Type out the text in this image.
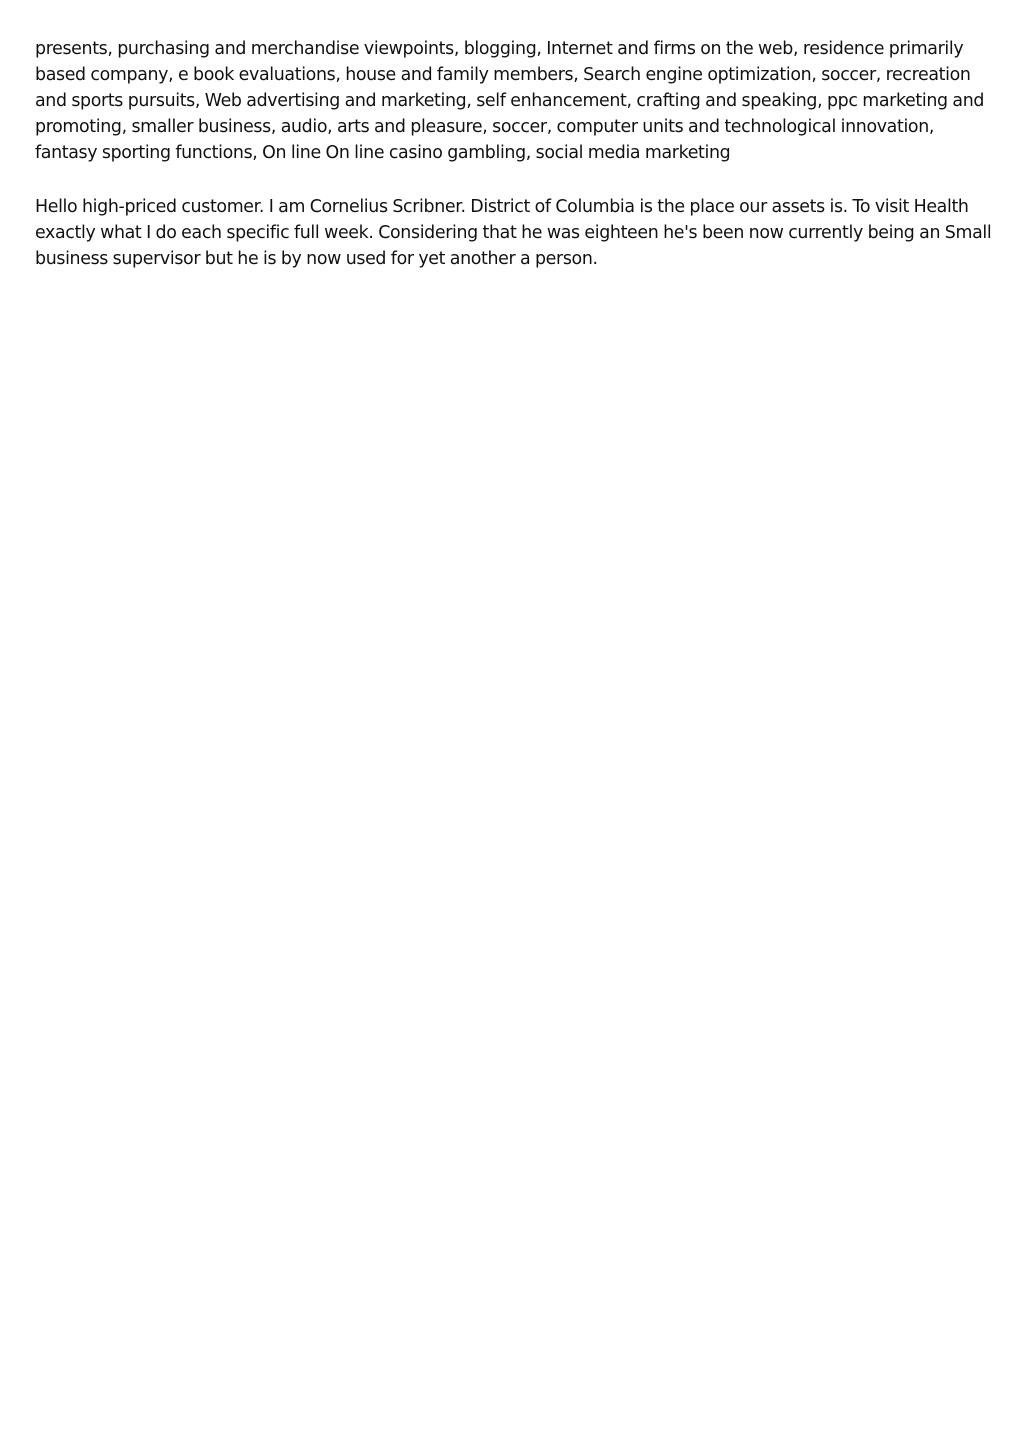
presents, purchasing and merchandise viewpoints, blogging, Internet and firms on the web, residence primarily based company, e book evaluations, house and family members, Search engine optimization, soccer, recreation and sports pursuits, Web advertising and marketing, self enhancement, crafting and speaking, ppc marketing and promoting, smaller business, audio, arts and pleasure, soccer, computer units and technological innovation, fantasy sporting functions, On line On line casino gambling, social media marketing

Hello high-priced customer. I am Cornelius Scribner. District of Columbia is the place our assets is. To visit Health exactly what I do each specific full week. Considering that he was eighteen he's been now currently being an Small business supervisor but he is by now used for yet another a person.
